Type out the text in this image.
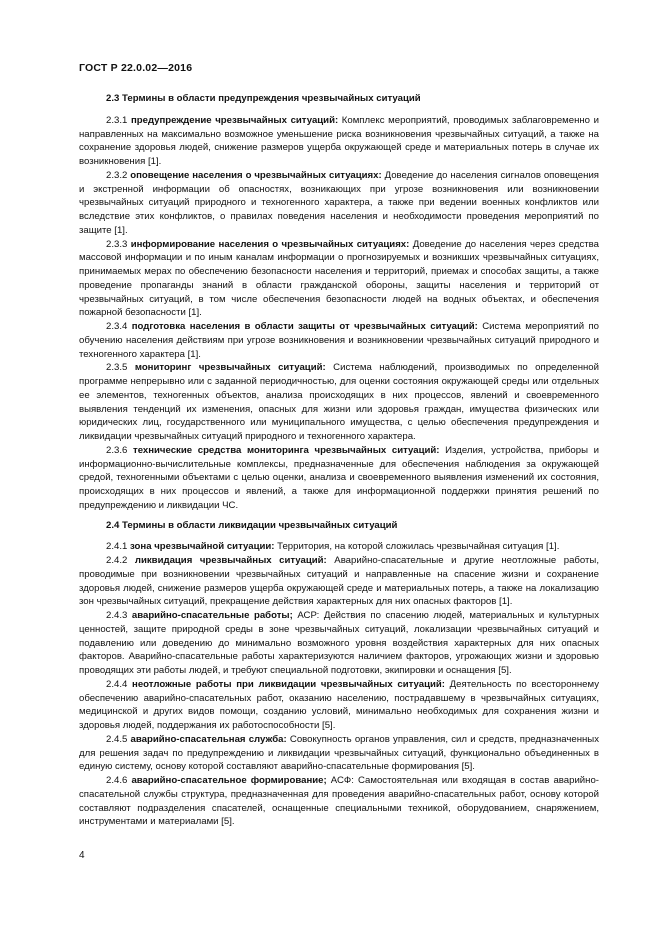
ГОСТ Р 22.0.02—2016
2.3 Термины в области предупреждения чрезвычайных ситуаций

2.3.1 предупреждение чрезвычайных ситуаций: Комплекс мероприятий, проводимых заблаговременно и направленных на максимально возможное уменьшение риска возникновения чрезвычайных ситуаций, а также на сохранение здоровья людей, снижение размеров ущерба окружающей среде и материальных потерь в случае их возникновения [1].

2.3.2 оповещение населения о чрезвычайных ситуациях: Доведение до населения сигналов оповещения и экстренной информации об опасностях, возникающих при угрозе возникновения или возникновении чрезвычайных ситуаций природного и техногенного характера, а также при ведении военных конфликтов или вследствие этих конфликтов, о правилах поведения населения и необходимости проведения мероприятий по защите [1].

2.3.3 информирование населения о чрезвычайных ситуациях: Доведение до населения через средства массовой информации и по иным каналам информации о прогнозируемых и возникших чрезвычайных ситуациях, принимаемых мерах по обеспечению безопасности населения и территорий, приемах и способах защиты, а также проведение пропаганды знаний в области гражданской обороны, защиты населения и территорий от чрезвычайных ситуаций, в том числе обеспечения безопасности людей на водных объектах, и обеспечения пожарной безопасности [1].

2.3.4 подготовка населения в области защиты от чрезвычайных ситуаций: Система мероприятий по обучению населения действиям при угрозе возникновения и возникновении чрезвычайных ситуаций природного и техногенного характера [1].

2.3.5 мониторинг чрезвычайных ситуаций: Система наблюдений, производимых по определенной программе непрерывно или с заданной периодичностью, для оценки состояния окружающей среды или отдельных ее элементов, техногенных объектов, анализа происходящих в них процессов, явлений и своевременного выявления тенденций их изменения, опасных для жизни или здоровья граждан, имущества физических или юридических лиц, государственного или муниципального имущества, с целью обеспечения предупреждения и ликвидации чрезвычайных ситуаций природного и техногенного характера.

2.3.6 технические средства мониторинга чрезвычайных ситуаций: Изделия, устройства, приборы и информационно-вычислительные комплексы, предназначенные для обеспечения наблюдения за окружающей средой, техногенными объектами с целью оценки, анализа и своевременного выявления изменений их состояния, происходящих в них процессов и явлений, а также для информационной поддержки принятия решений по предупреждению и ликвидации ЧС.

2.4 Термины в области ликвидации чрезвычайных ситуаций

2.4.1 зона чрезвычайной ситуации: Территория, на которой сложилась чрезвычайная ситуация [1].

2.4.2 ликвидация чрезвычайных ситуаций: Аварийно-спасательные и другие неотложные работы, проводимые при возникновении чрезвычайных ситуаций и направленные на спасение жизни и сохранение здоровья людей, снижение размеров ущерба окружающей среде и материальных потерь, а также на локализацию зон чрезвычайных ситуаций, прекращение действия характерных для них опасных факторов [1].

2.4.3 аварийно-спасательные работы; АСР: Действия по спасению людей, материальных и культурных ценностей, защите природной среды в зоне чрезвычайных ситуаций, локализации чрезвычайных ситуаций и подавлению или доведению до минимально возможного уровня воздействия характерных для них опасных факторов. Аварийно-спасательные работы характеризуются наличием факторов, угрожающих жизни и здоровью проводящих эти работы людей, и требуют специальной подготовки, экипировки и оснащения [5].

2.4.4 неотложные работы при ликвидации чрезвычайных ситуаций: Деятельность по всестороннему обеспечению аварийно-спасательных работ, оказанию населению, пострадавшему в чрезвычайных ситуациях, медицинской и других видов помощи, созданию условий, минимально необходимых для сохранения жизни и здоровья людей, поддержания их работоспособности [5].

2.4.5 аварийно-спасательная служба: Совокупность органов управления, сил и средств, предназначенных для решения задач по предупреждению и ликвидации чрезвычайных ситуаций, функционально объединенных в единую систему, основу которой составляют аварийно-спасательные формирования [5].

2.4.6 аварийно-спасательное формирование; АСФ: Самостоятельная или входящая в состав аварийно-спасательной службы структура, предназначенная для проведения аварийно-спасательных работ, основу которой составляют подразделения спасателей, оснащенные специальными техникой, оборудованием, снаряжением, инструментами и материалами [5].

4
